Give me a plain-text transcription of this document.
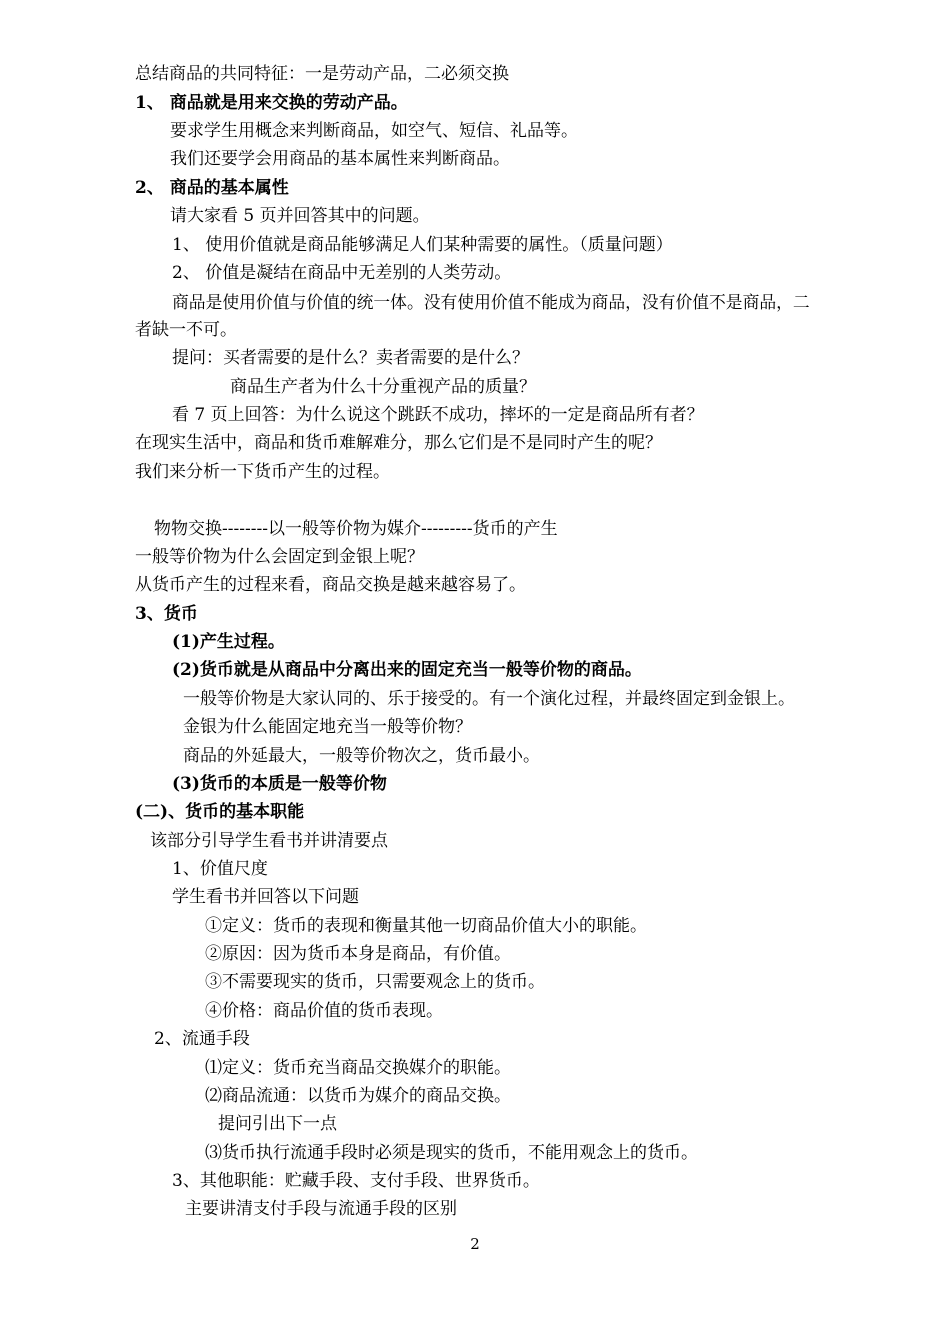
总结商品的共同特征：一是劳动产品，二必须交换
1、 商品就是用来交换的劳动产品。
要求学生用概念来判断商品，如空气、短信、礼品等。
我们还要学会用商品的基本属性来判断商品。
2、 商品的基本属性
请大家看 5 页并回答其中的问题。
1、 使用价值就是商品能够满足人们某种需要的属性。（质量问题）
2、 价值是凝结在商品中无差别的人类劳动。
商品是使用价值与价值的统一体。没有使用价值不能成为商品，没有价值不是商品，二
者缺一不可。
提问：买者需要的是什么？卖者需要的是什么？
商品生产者为什么十分重视产品的质量？
看 7 页上回答：为什么说这个跳跃不成功，摔坏的一定是商品所有者？
在现实生活中，商品和货币难解难分，那么它们是不是同时产生的呢？
我们来分析一下货币产生的过程。
物物交换--------以一般等价物为媒介---------货币的产生
一般等价物为什么会固定到金银上呢？
从货币产生的过程来看，商品交换是越来越容易了。
3、货币
(1)产生过程。
(2)货币就是从商品中分离出来的固定充当一般等价物的商品。
一般等价物是大家认同的、乐于接受的。有一个演化过程，并最终固定到金银上。
金银为什么能固定地充当一般等价物？
商品的外延最大，一般等价物次之，货币最小。
(3)货币的本质是一般等价物
(二)、货币的基本职能
该部分引导学生看书并讲清要点
1、价值尺度
学生看书并回答以下问题
①定义：货币的表现和衡量其他一切商品价值大小的职能。
②原因：因为货币本身是商品，有价值。
③不需要现实的货币，只需要观念上的货币。
④价格：商品价值的货币表现。
2、流通手段
⑴定义：货币充当商品交换媒介的职能。
⑵商品流通：以货币为媒介的商品交换。
提问引出下一点
⑶货币执行流通手段时必须是现实的货币，不能用观念上的货币。
3、其他职能：贮藏手段、支付手段、世界货币。
主要讲清支付手段与流通手段的区别
2
